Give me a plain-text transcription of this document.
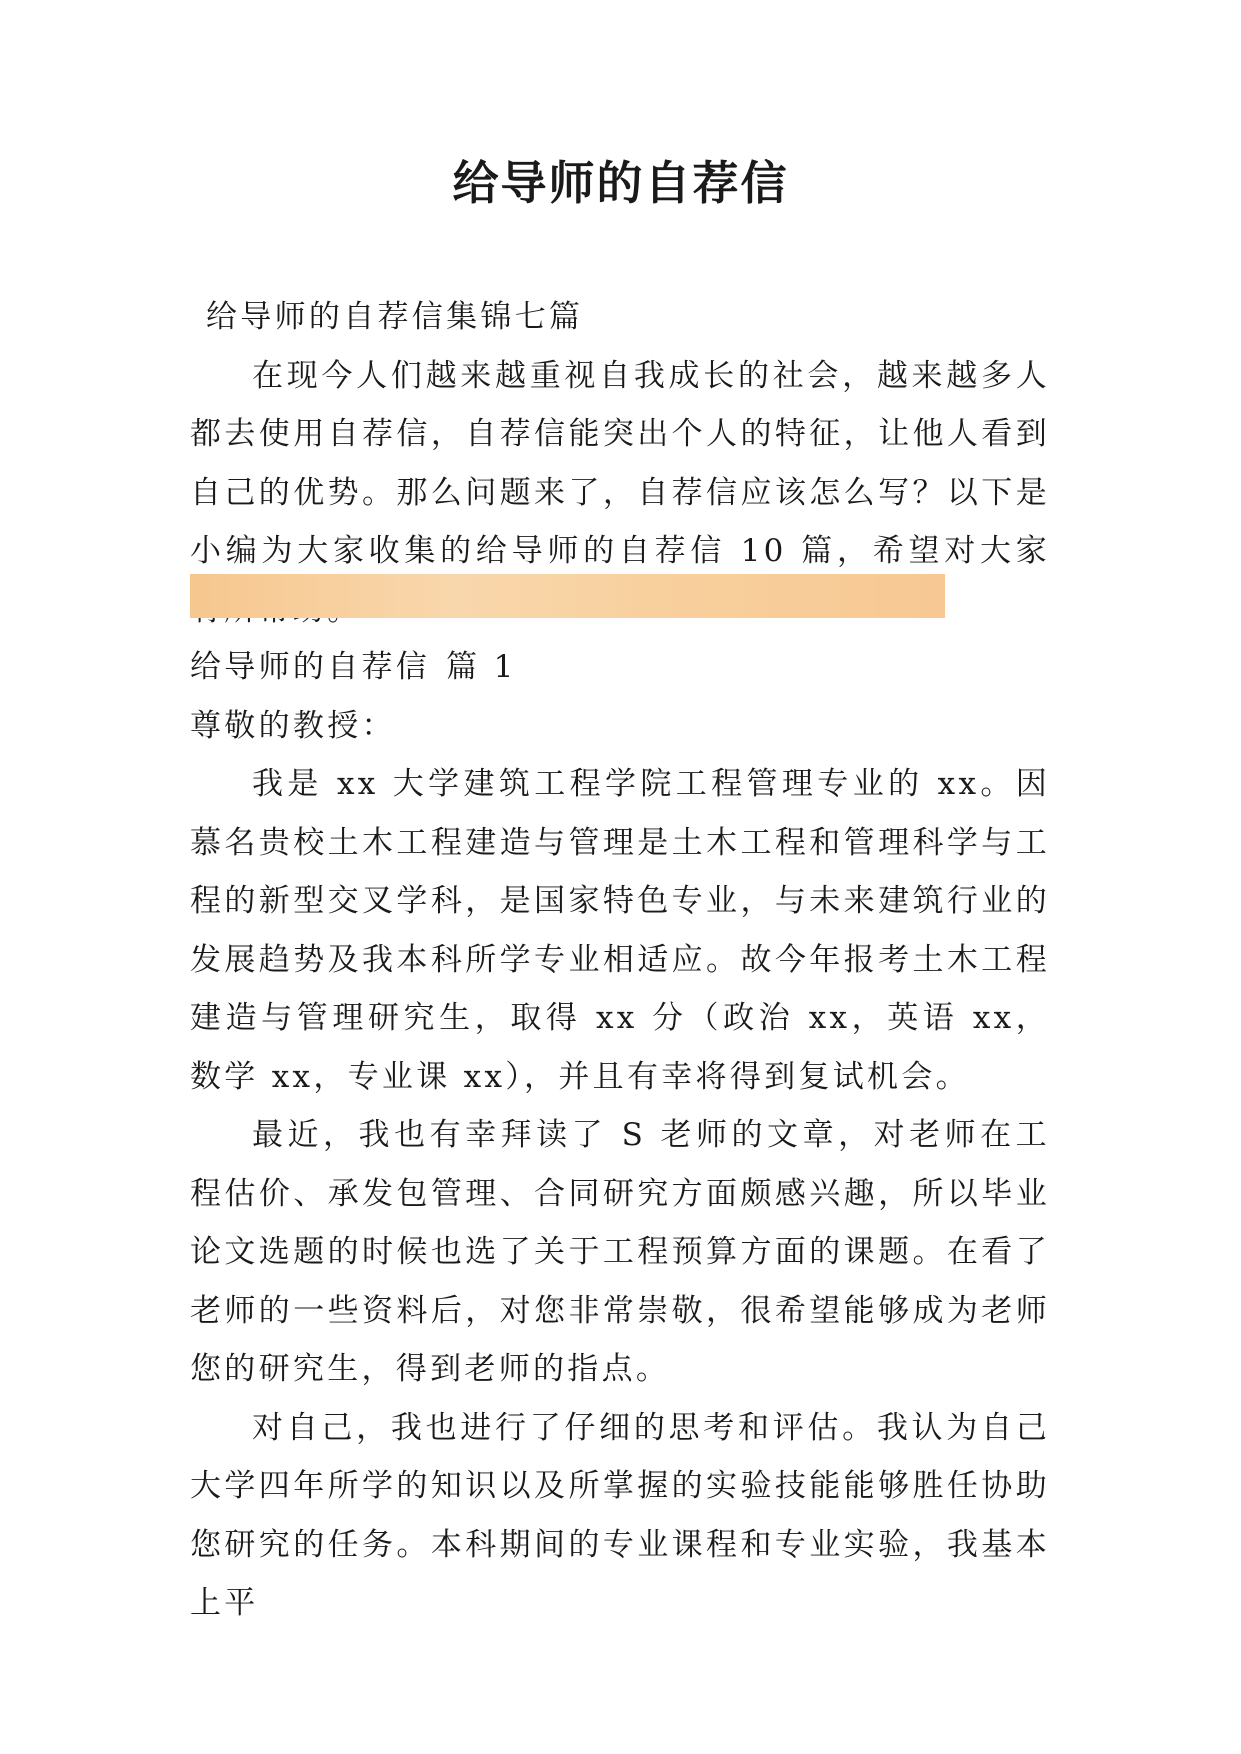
给导师的自荐信

给导师的自荐信集锦七篇

在现今人们越来越重视自我成长的社会，越来越多人都去使用自荐信，自荐信能突出个人的特征，让他人看到自己的优势。那么问题来了，自荐信应该怎么写？以下是小编为大家收集的给导师的自荐信 10 篇，希望对大家

给导师的自荐信 篇 1

尊敬的教授：

我是 xx 大学建筑工程学院工程管理专业的 xx。因慕名贵校土木工程建造与管理是土木工程和管理科学与工程的新型交叉学科，是国家特色专业，与未来建筑行业的发展趋势及我本科所学专业相适应。故今年报考土木工程建造与管理研究生，取得 xx 分（政治 xx，英语 xx，数学 xx，专业课 xx），并且有幸将得到复试机会。

最近，我也有幸拜读了 S 老师的文章，对老师在工程估价、承发包管理、合同研究方面颇感兴趣，所以毕业论文选题的时候也选了关于工程预算方面的课题。在看了老师的一些资料后，对您非常崇敬，很希望能够成为老师您的研究生，得到老师的指点。

对自己，我也进行了仔细的思考和评估。我认为自己大学四年所学的知识以及所掌握的实验技能能够胜任协助您研究的任务。本科期间的专业课程和专业实验，我基本上平
